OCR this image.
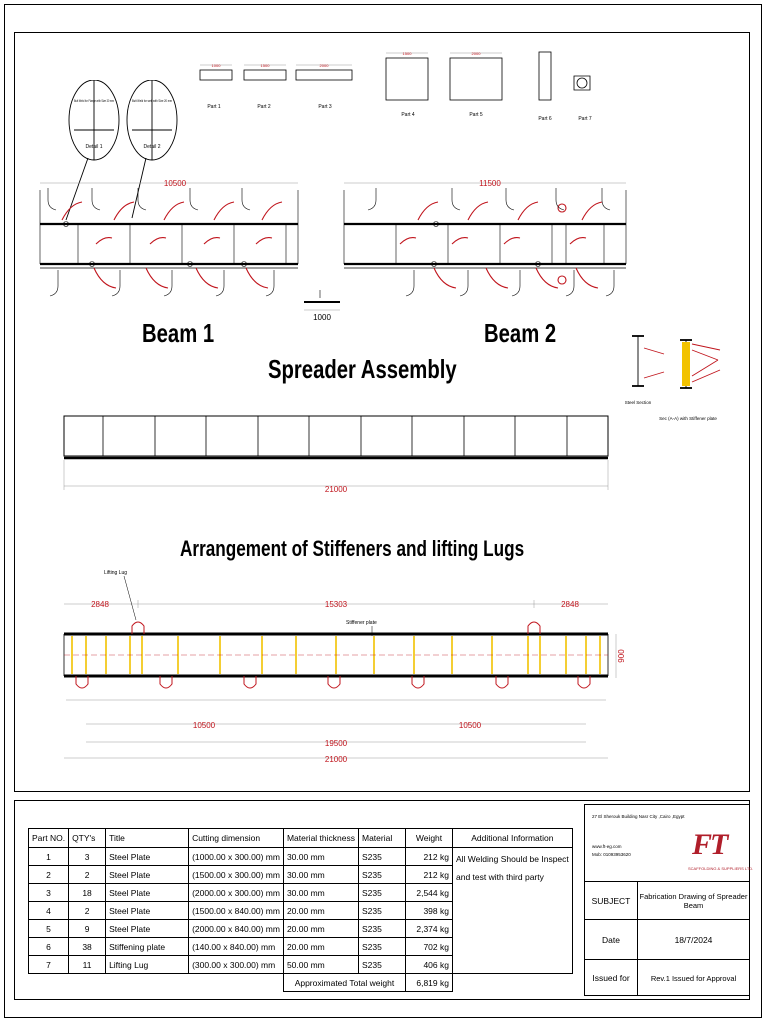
1000	1500	2000
1500	2000
Part 1	Part 2	Part 3
Part 4	Part 5
Part 6	Part 7
Butt Weld for Flange with Size 30 mm	Butt Weld for web with Size 20 mm
Detail 1	Detail 2
10500	11500
1000
Beam 1	Beam 2
Spreader Assembly
Steel Section
Sec (A-A) with Stiffener plate
21000
Arrangement of Stiffeners and lifting Lugs
2848	15303	2848
10500	10500
19500
21000
900
Lifting Lug
Stiffener plate
Part NO.	QTY's	Title	Cutting dimension	Material thickness	Material	Weight	Additional Information
1	3	Steel Plate	(1000.00 x 300.00) mm	30.00 mm	S235	212 kg	All Welding Should be Inspect
and test with third party

2	2	Steel Plate	(1500.00 x 300.00) mm	30.00 mm	S235	212 kg	
3	18	Steel Plate	(2000.00 x 300.00) mm	30.00 mm	S235	2,544 kg	
4	2	Steel Plate	(1500.00 x 840.00) mm	20.00 mm	S235	398 kg	
5	9	Steel Plate	(2000.00 x 840.00) mm	20.00 mm	S235	2,374 kg	
6	38	Stiffening plate	(140.00 x 840.00) mm	20.00 mm	S235	702 kg	
7	11	Lifting Lug	(300.00 x 300.00) mm	50.00 mm	S235	406 kg	
				Approximated Total weight		6,819 kg	
SUBJECT	Fabrication Drawing of Spreader Beam
Date	18/7/2024
Issued for	Rev.1 Issued for Approval
27 El Sherouk Building Nasr City ,Cairo ,Egypt
www.ft-eg.com
Mob: 01093953620 FT
SCAFFOLDING & SUPPLIERS LTD.
